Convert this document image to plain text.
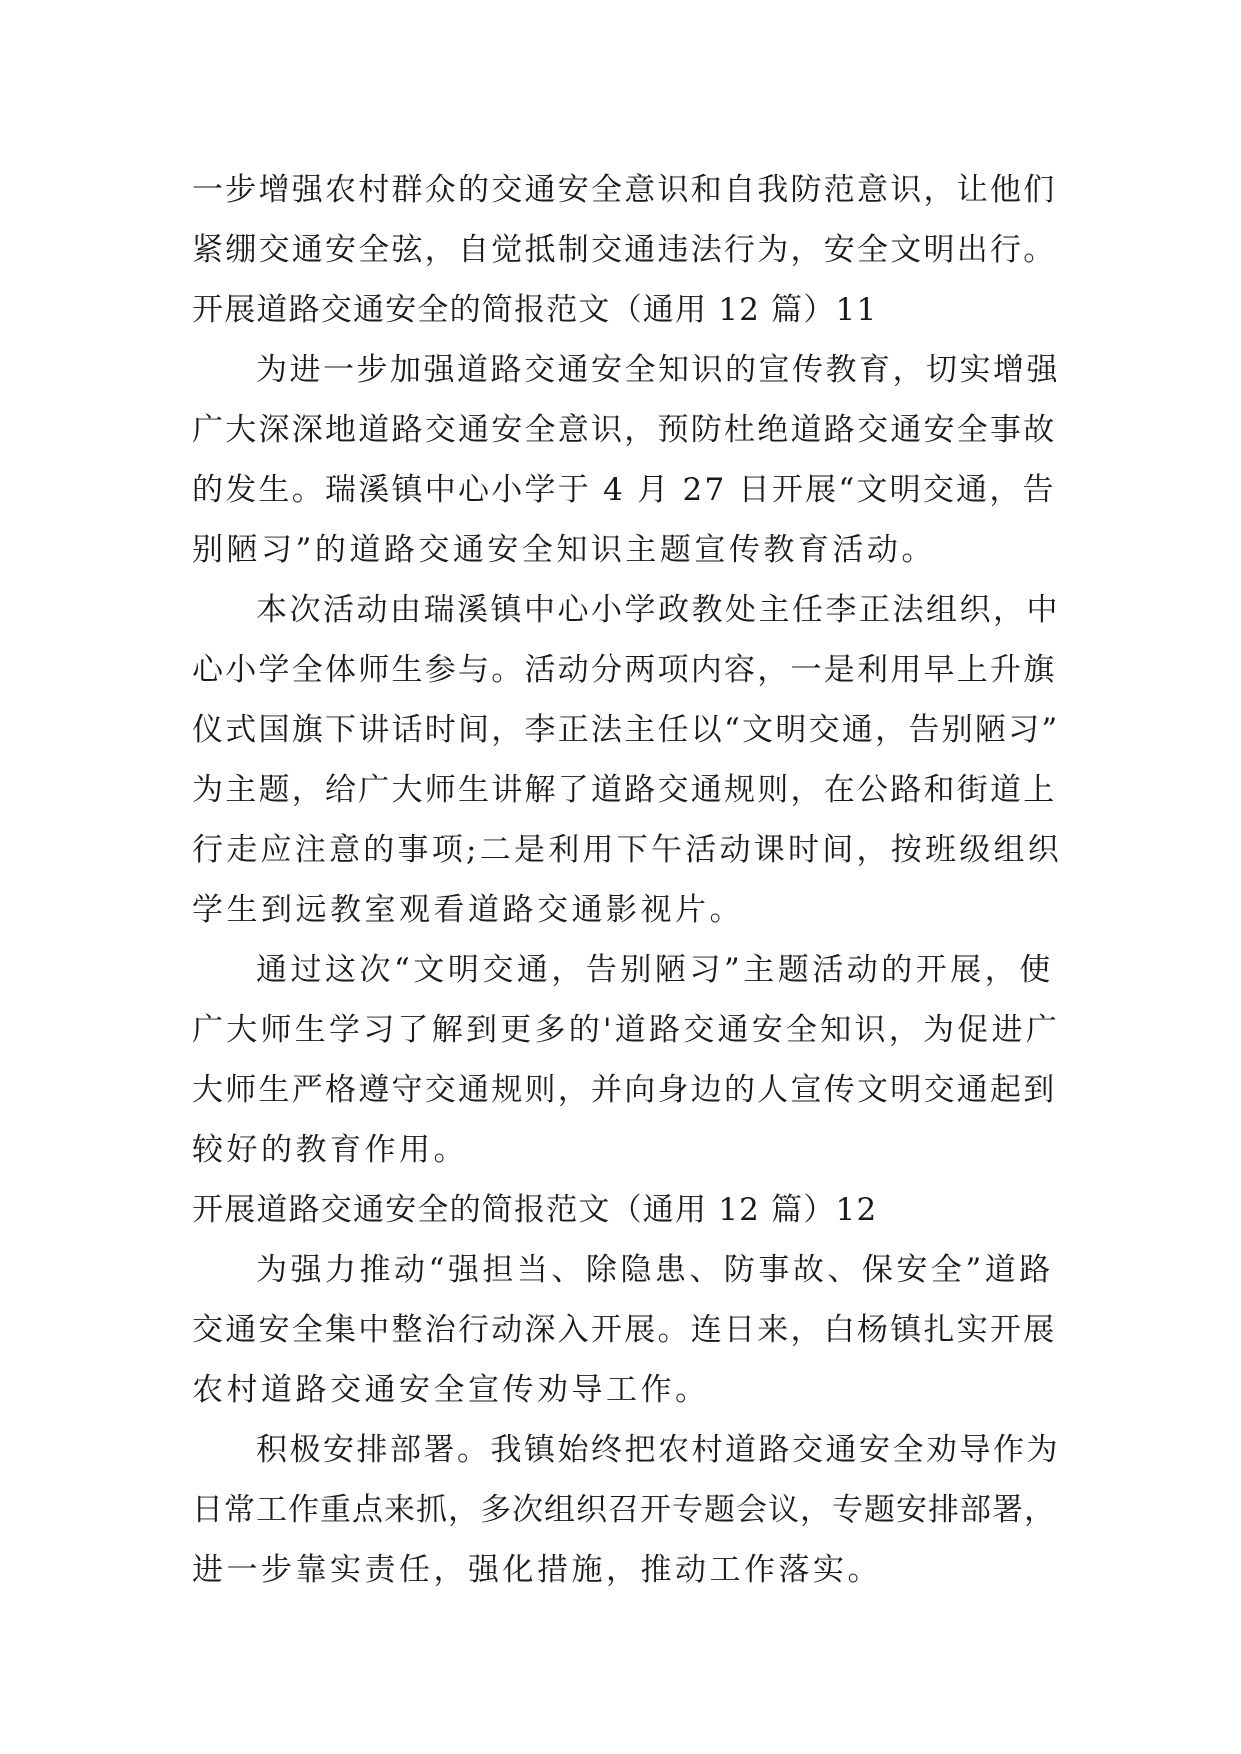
一步增强农村群众的交通安全意识和自我防范意识，让他们
紧绷交通安全弦，自觉抵制交通违法行为，安全文明出行。
开展道路交通安全的简报范文（通用 12 篇）11
为进一步加强道路交通安全知识的宣传教育，切实增强
广大深深地道路交通安全意识，预防杜绝道路交通安全事故
的发生。瑞溪镇中心小学于 4 月 27 日开展“文明交通，告
别陋习”的道路交通安全知识主题宣传教育活动。
本次活动由瑞溪镇中心小学政教处主任李正法组织，中
心小学全体师生参与。活动分两项内容，一是利用早上升旗
仪式国旗下讲话时间，李正法主任以“文明交通，告别陋习”
为主题，给广大师生讲解了道路交通规则，在公路和街道上
行走应注意的事项;二是利用下午活动课时间，按班级组织
学生到远教室观看道路交通影视片。
通过这次“文明交通，告别陋习”主题活动的开展，使
广大师生学习了解到更多的'道路交通安全知识，为促进广
大师生严格遵守交通规则，并向身边的人宣传文明交通起到
较好的教育作用。
开展道路交通安全的简报范文（通用 12 篇）12
为强力推动“强担当、除隐患、防事故、保安全”道路
交通安全集中整治行动深入开展。连日来，白杨镇扎实开展
农村道路交通安全宣传劝导工作。
积极安排部署。我镇始终把农村道路交通安全劝导作为
日常工作重点来抓，多次组织召开专题会议，专题安排部署，
进一步靠实责任，强化措施，推动工作落实。
